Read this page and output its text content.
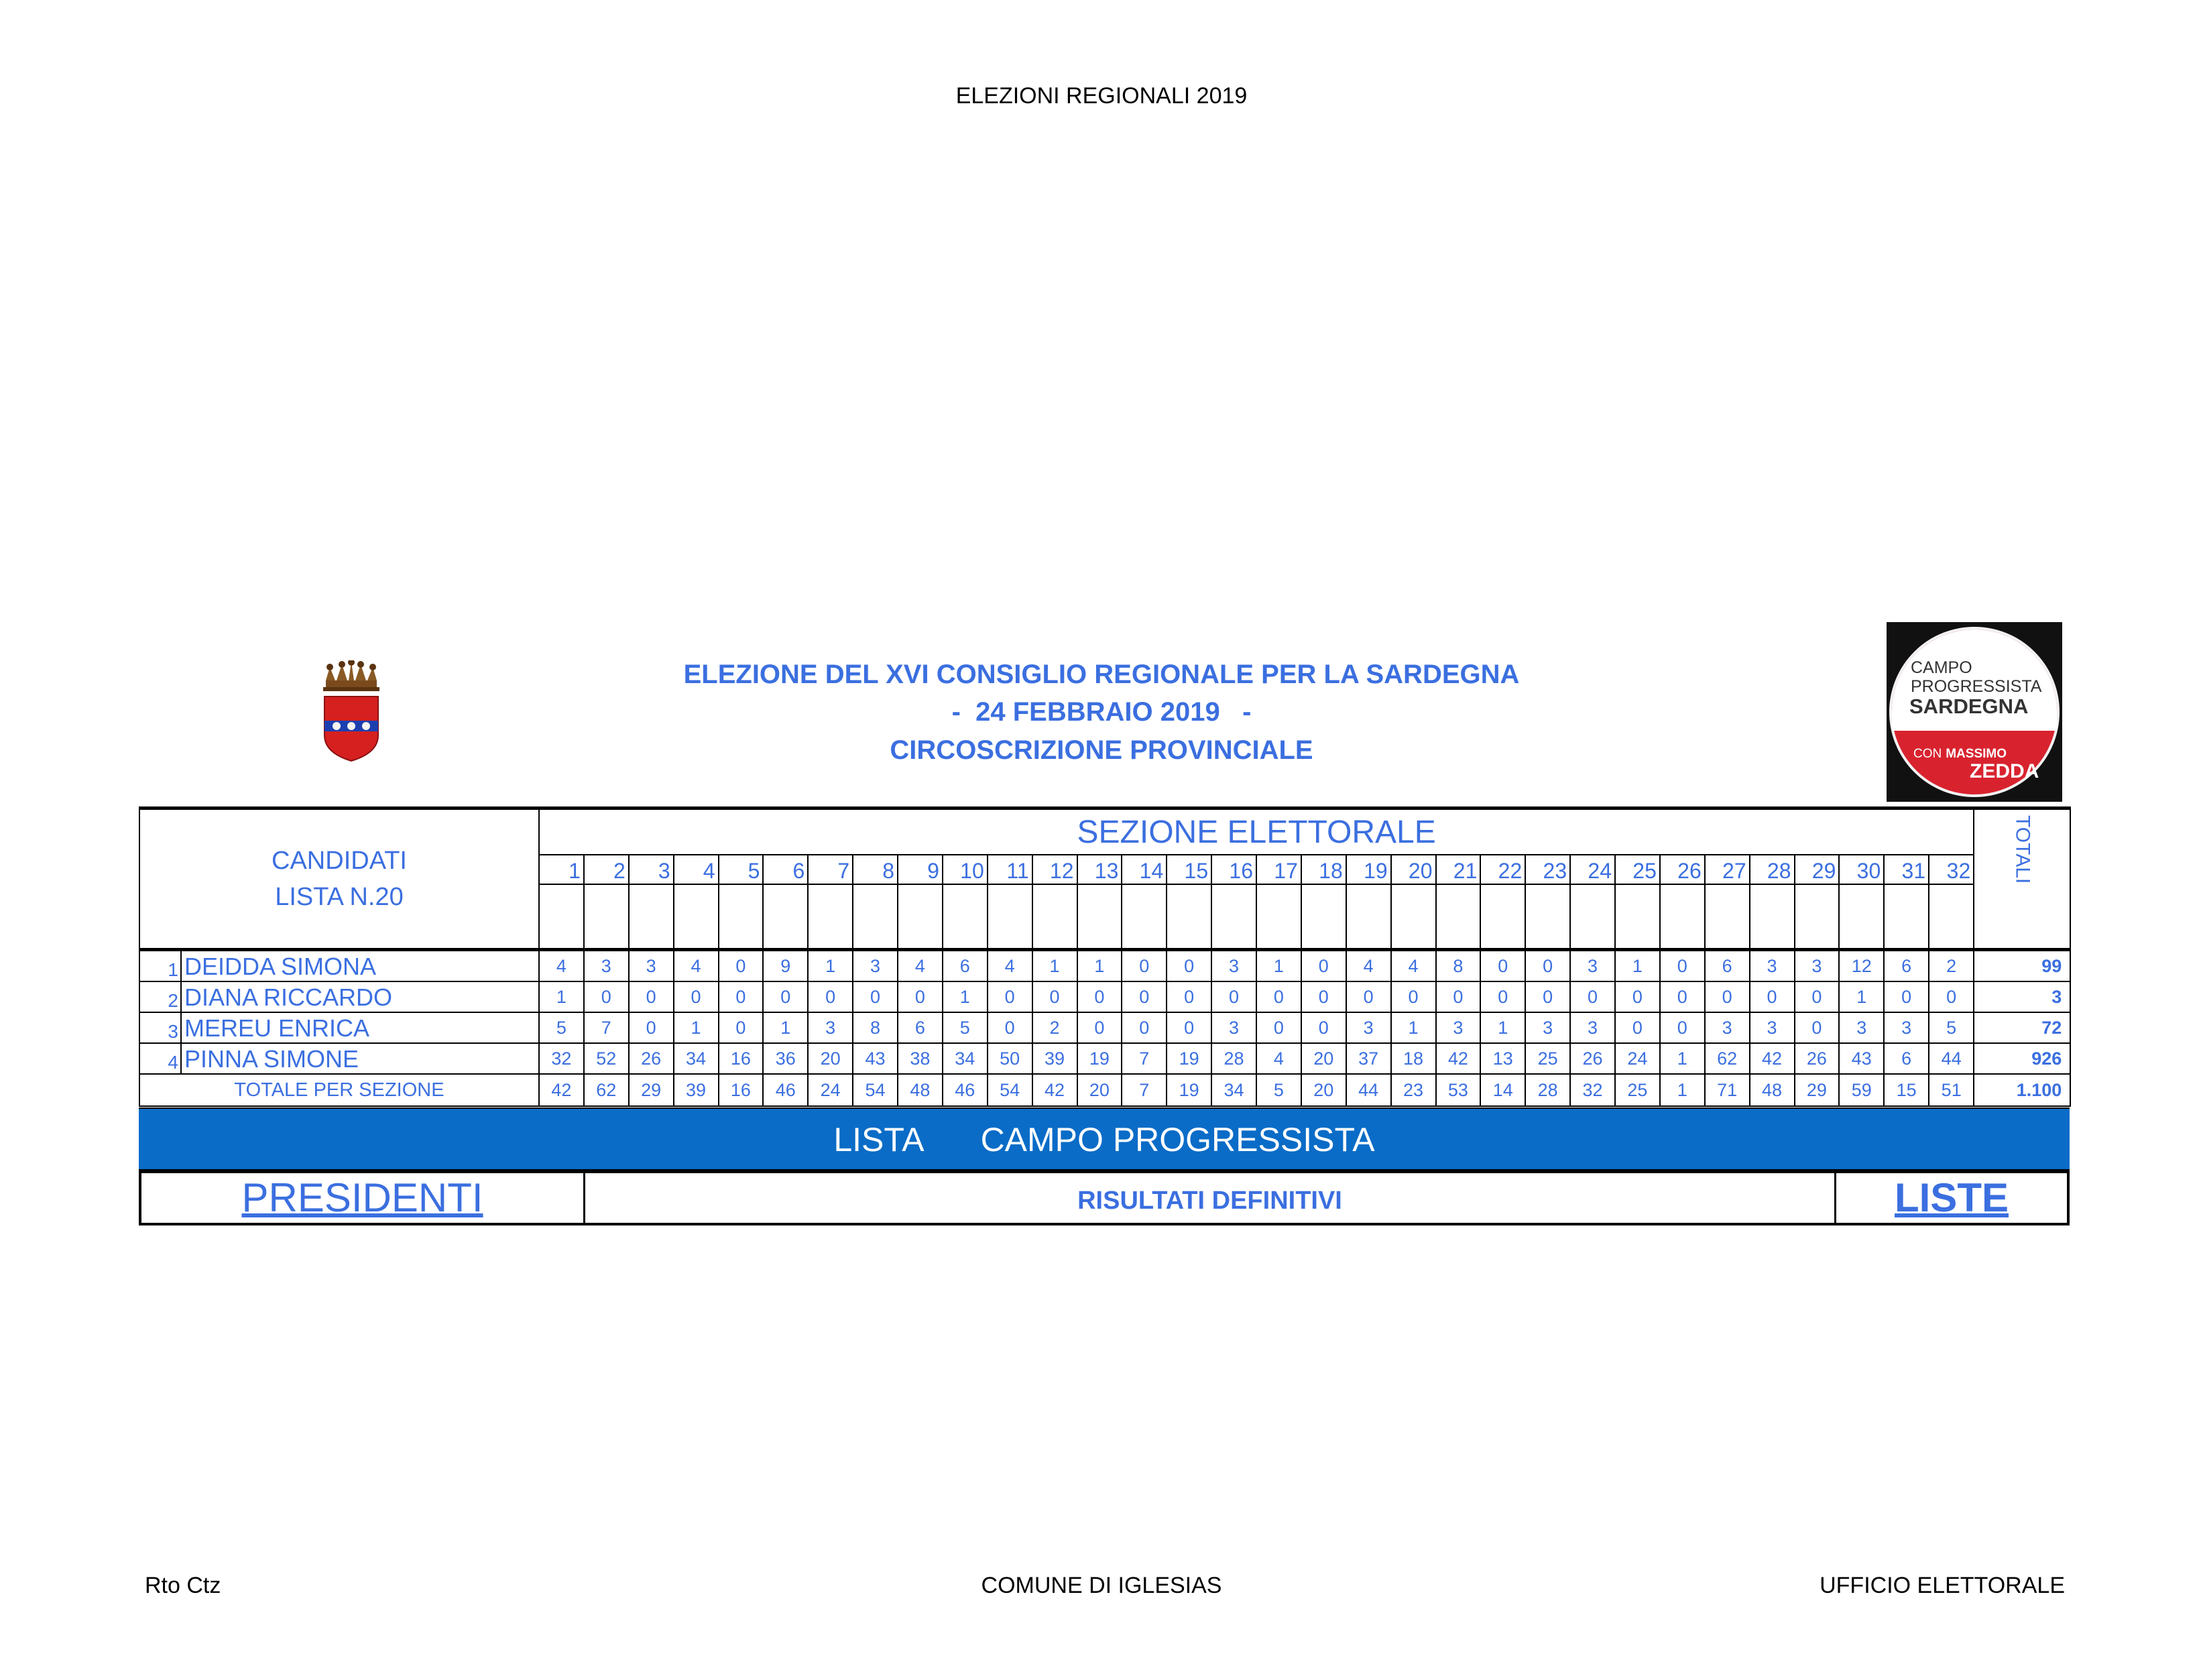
ELEZIONI REGIONALI 2019
ELEZIONE DEL XVI CONSIGLIO REGIONALE PER LA SARDEGNA
-  24 FEBBRAIO 2019   -
CIRCOSCRIZIONE PROVINCIALE
CAMPO
PROGRESSISTA
SARDEGNA
CON MASSIMO
ZEDDA
CANDIDATI
LISTA N.20		SEZIONE ELETTORALE																																TOTALI

		1	2	3	4	5	6	7	8	9	10	11	12	13	14	15	16	17	18	19	20	21	22	23	24	25	26	27	28	29	30	31	32	

1	DEIDDA SIMONA	4	3	3	4	0	9	1	3	4	6	4	1	1	0	0	3	1	0	4	4	8	0	0	3	1	0	6	3	3	12	6	2	99
2	DIANA RICCARDO	1	0	0	0	0	0	0	0	0	1	0	0	0	0	0	0	0	0	0	0	0	0	0	0	0	0	0	0	0	1	0	0	3
3	MEREU ENRICA	5	7	0	1	0	1	3	8	6	5	0	2	0	0	0	3	0	0	3	1	3	1	3	3	0	0	3	3	0	3	3	5	72
4	PINNA SIMONE	32	52	26	34	16	36	20	43	38	34	50	39	19	7	19	28	4	20	37	18	42	13	25	26	24	1	62	42	26	43	6	44	926
TOTALE PER SEZIONE		42	62	29	39	16	46	24	54	48	46	54	42	20	7	19	34	5	20	44	23	53	14	28	32	25	1	71	48	29	59	15	51	1.100
LISTA CAMPO PROGRESSISTA
PRESIDENTI	RISULTATI DEFINITIVI	LISTE
Rto Ctz	COMUNE DI IGLESIAS	UFFICIO ELETTORALE
